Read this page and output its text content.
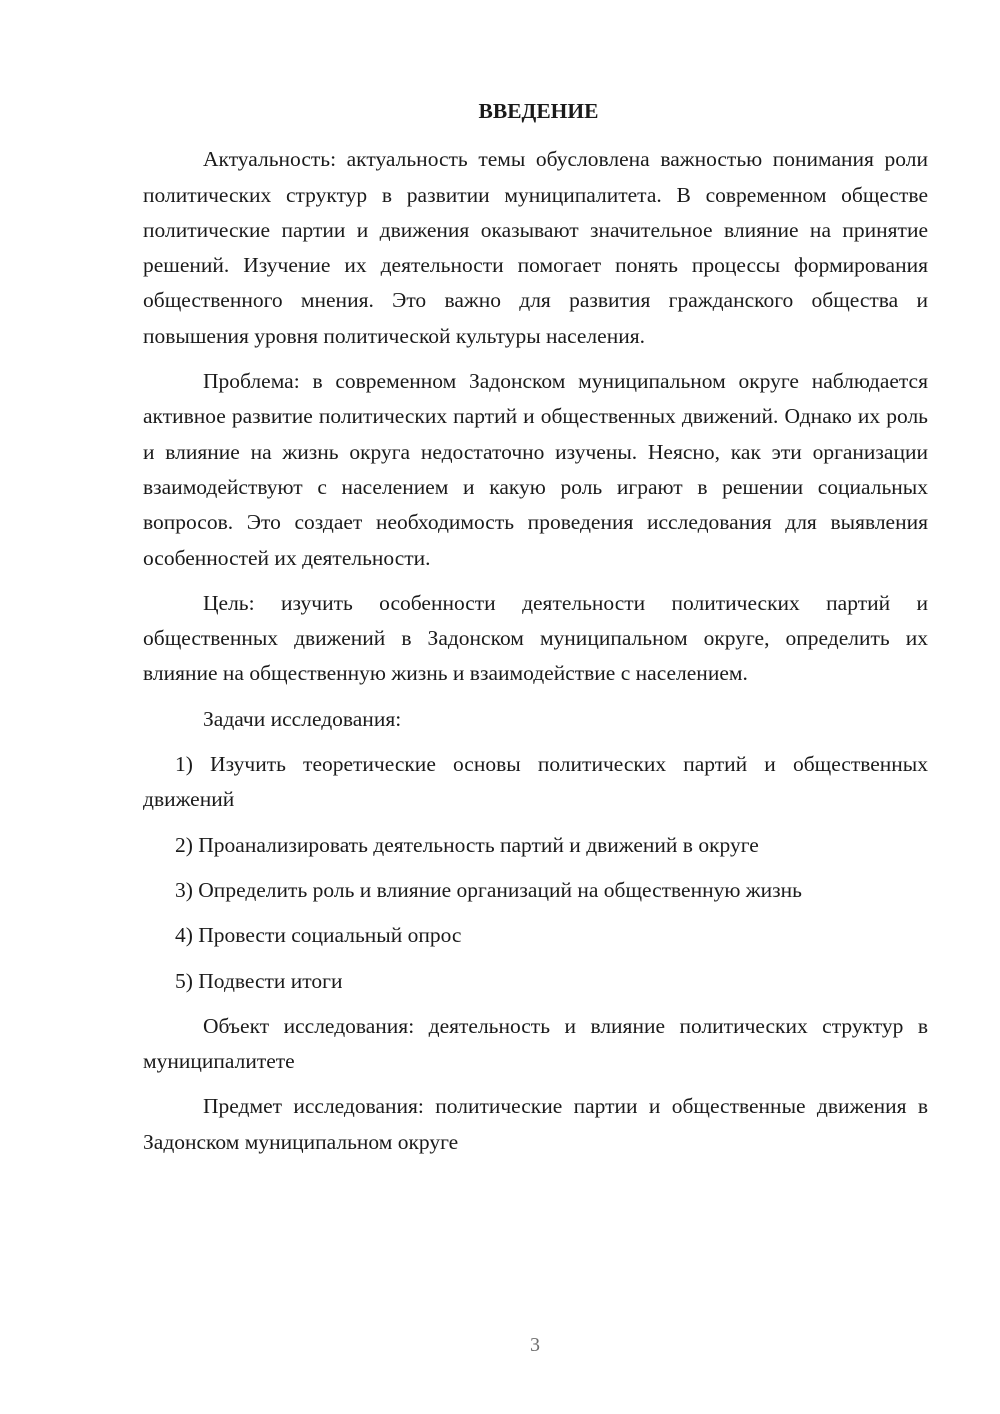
ВВЕДЕНИЕ

Актуальность: актуальность темы обусловлена важностью понимания роли политических структур в развитии муниципалитета. В современном обществе политические партии и движения оказывают значительное влияние на принятие решений. Изучение их деятельности помогает понять процессы формирования общественного мнения. Это важно для развития гражданского общества и повышения уровня политической культуры населения.

Проблема: в современном Задонском муниципальном округе наблюдается активное развитие политических партий и общественных движений. Однако их роль и влияние на жизнь округа недостаточно изучены. Неясно, как эти организации взаимодействуют с населением и какую роль играют в решении социальных вопросов. Это создает необходимость проведения исследования для выявления особенностей их деятельности.

Цель: изучить особенности деятельности политических партий и общественных движений в Задонском муниципальном округе, определить их влияние на общественную жизнь и взаимодействие с населением.

Задачи исследования:

1) Изучить теоретические основы политических партий и общественных движений

2) Проанализировать деятельность партий и движений в округе

3) Определить роль и влияние организаций на общественную жизнь

4) Провести социальный опрос

5) Подвести итоги

Объект исследования: деятельность и влияние политических структур в муниципалитете

Предмет исследования: политические партии и общественные движения в Задонском муниципальном округе

3
